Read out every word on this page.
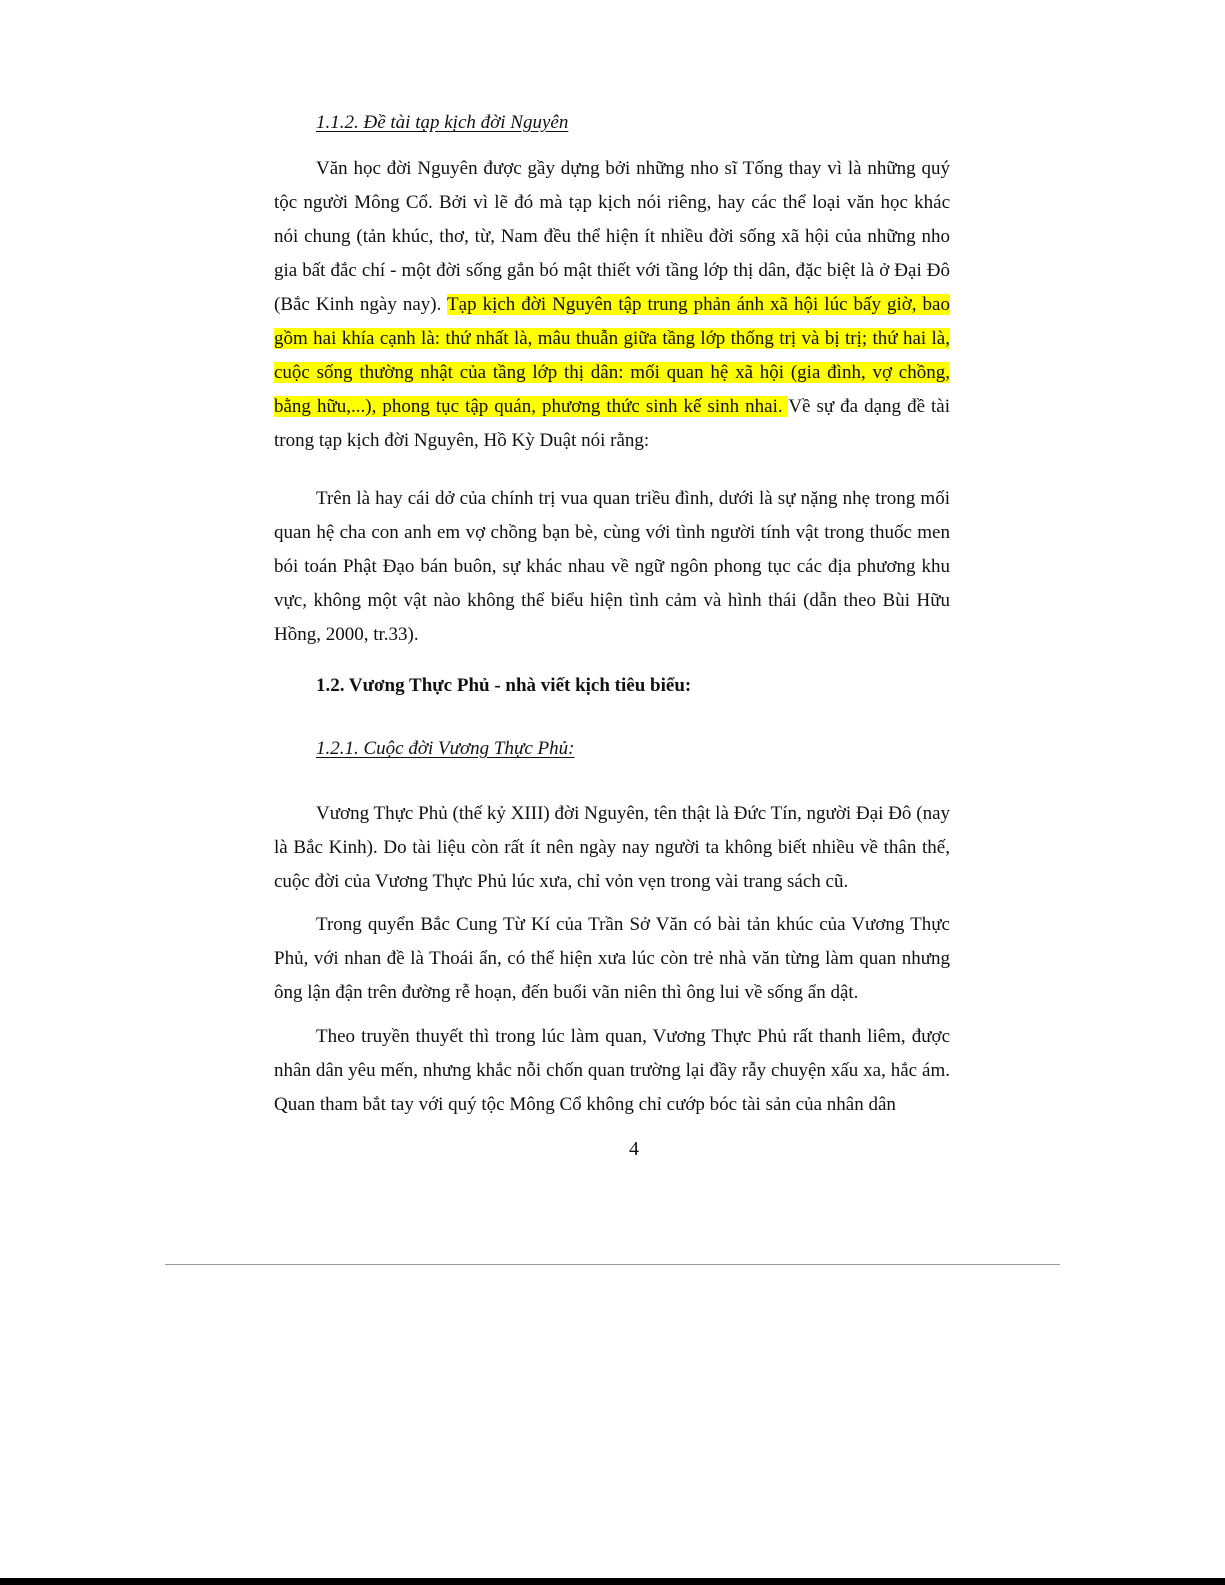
1.1.2. Đề tài tạp kịch đời Nguyên

Văn học đời Nguyên được gầy dựng bởi những nho sĩ Tống thay vì là những quý tộc người Mông Cổ. Bởi vì lẽ đó mà tạp kịch nói riêng, hay các thể loại văn học khác nói chung (tản khúc, thơ, từ, Nam đều thể hiện ít nhiều đời sống xã hội của những nho gia bất đắc chí - một đời sống gắn bó mật thiết với tầng lớp thị dân, đặc biệt là ở Đại Đô (Bắc Kinh ngày nay). Tạp kịch đời Nguyên tập trung phản ánh xã hội lúc bấy giờ, bao gồm hai khía cạnh là: thứ nhất là, mâu thuẫn giữa tầng lớp thống trị và bị trị; thứ hai là, cuộc sống thường nhật của tầng lớp thị dân: mối quan hệ xã hội (gia đình, vợ chồng, bằng hữu,...), phong tục tập quán, phương thức sinh kế sinh nhai. Về sự đa dạng đề tài trong tạp kịch đời Nguyên, Hồ Kỳ Duật nói rằng:

Trên là hay cái dở của chính trị vua quan triều đình, dưới là sự nặng nhẹ trong mối quan hệ cha con anh em vợ chồng bạn bè, cùng với tình người tính vật trong thuốc men bói toán Phật Đạo bán buôn, sự khác nhau về ngữ ngôn phong tục các địa phương khu vực, không một vật nào không thể biểu hiện tình cảm và hình thái (dẫn theo Bùi Hữu Hồng, 2000, tr.33).

1.2. Vương Thực Phủ - nhà viết kịch tiêu biểu:
1.2.1. Cuộc đời Vương Thực Phủ:

Vương Thực Phủ (thế kỷ XIII) đời Nguyên, tên thật là Đức Tín, người Đại Đô (nay là Bắc Kinh). Do tài liệu còn rất ít nên ngày nay người ta không biết nhiều về thân thế, cuộc đời của Vương Thực Phủ lúc xưa, chỉ vỏn vẹn trong vài trang sách cũ.

Trong quyển Bắc Cung Từ Kí của Trần Sở Văn có bài tản khúc của Vương Thực Phủ, với nhan đề là Thoái ẩn, có thể hiện xưa lúc còn trẻ nhà văn từng làm quan nhưng ông lận đận trên đường rễ hoạn, đến buổi vãn niên thì ông lui về sống ẩn dật.

Theo truyền thuyết thì trong lúc làm quan, Vương Thực Phủ rất thanh liêm, được nhân dân yêu mến, nhưng khắc nỗi chốn quan trường lại đầy rẫy chuyện xấu xa, hắc ám. Quan tham bắt tay với quý tộc Mông Cổ không chỉ cướp bóc tài sản của nhân dân

4
